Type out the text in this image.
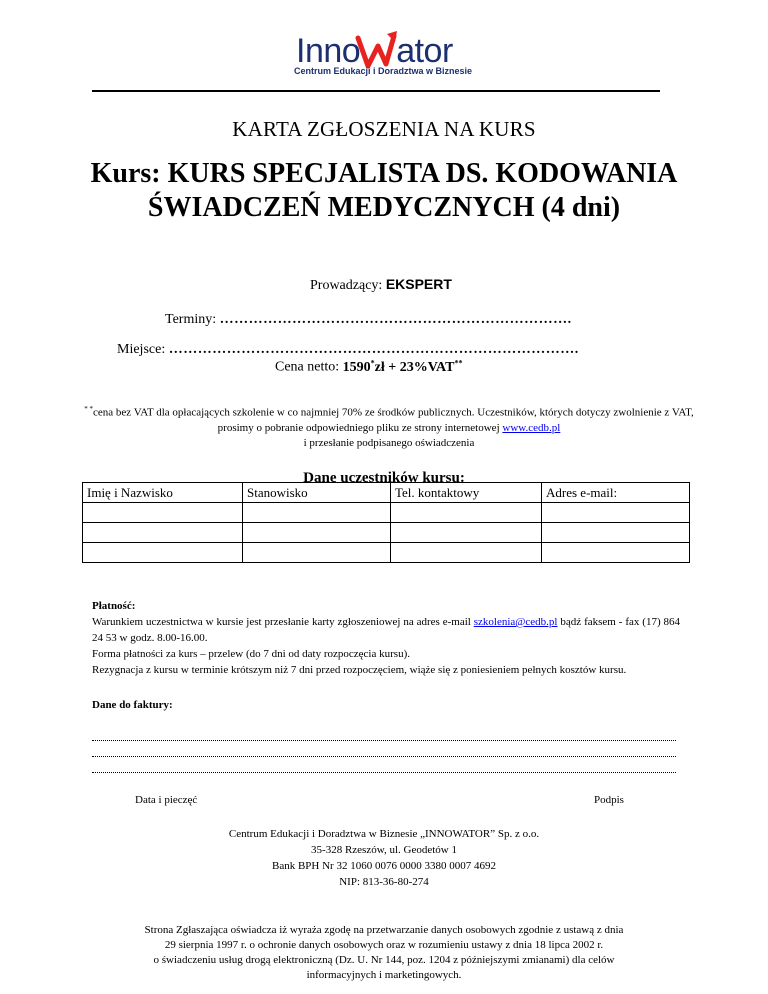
Inno ator
Centrum Edukacji i Doradztwa w Biznesie
KARTA ZGŁOSZENIA NA KURS
Kurs: KURS SPECJALISTA DS. KODOWANIA
ŚWIADCZEŃ MEDYCZNYCH (4 dni)
Prowadzący: EKSPERT
Terminy: ……………………………………………………………….
Miejsce: ………………………………………………………………………….
Cena netto: 1590*zł + 23%VAT**
* *cena bez VAT dla opłacających szkolenie w co najmniej 70% ze środków publicznych. Uczestników, których dotyczy zwolnienie z VAT, prosimy o pobranie odpowiedniego pliku ze strony internetowej www.cedb.pl
i przesłanie podpisanego oświadczenia
Dane uczestników kursu:
Imię i Nazwisko	Stanowisko	Tel. kontaktowy	Adres e-mail:

Płatność:
Warunkiem uczestnictwa w kursie jest przesłanie karty zgłoszeniowej na adres e-mail szkolenia@cedb.pl bądź faksem - fax (17) 864 24 53 w godz. 8.00-16.00.
Forma płatności za kurs – przelew (do 7 dni od daty rozpoczęcia kursu).
Rezygnacja z kursu w terminie krótszym niż 7 dni przed rozpoczęciem, wiąże się z poniesieniem pełnych kosztów kursu.
Dane do faktury:
Data i pieczęć	Podpis
Centrum Edukacji i Doradztwa w Biznesie „INNOWATOR” Sp. z o.o.
35-328 Rzeszów, ul. Geodetów 1
Bank BPH Nr 32 1060 0076 0000 3380 0007 4692
NIP: 813-36-80-274
Strona Zgłaszająca oświadcza iż wyraża zgodę na przetwarzanie danych osobowych zgodnie z ustawą z dnia
29 sierpnia 1997 r. o ochronie danych osobowych oraz w rozumieniu ustawy z dnia 18 lipca 2002 r.
o świadczeniu usług drogą elektroniczną (Dz. U. Nr 144, poz. 1204 z późniejszymi zmianami) dla celów
informacyjnych i marketingowych.
